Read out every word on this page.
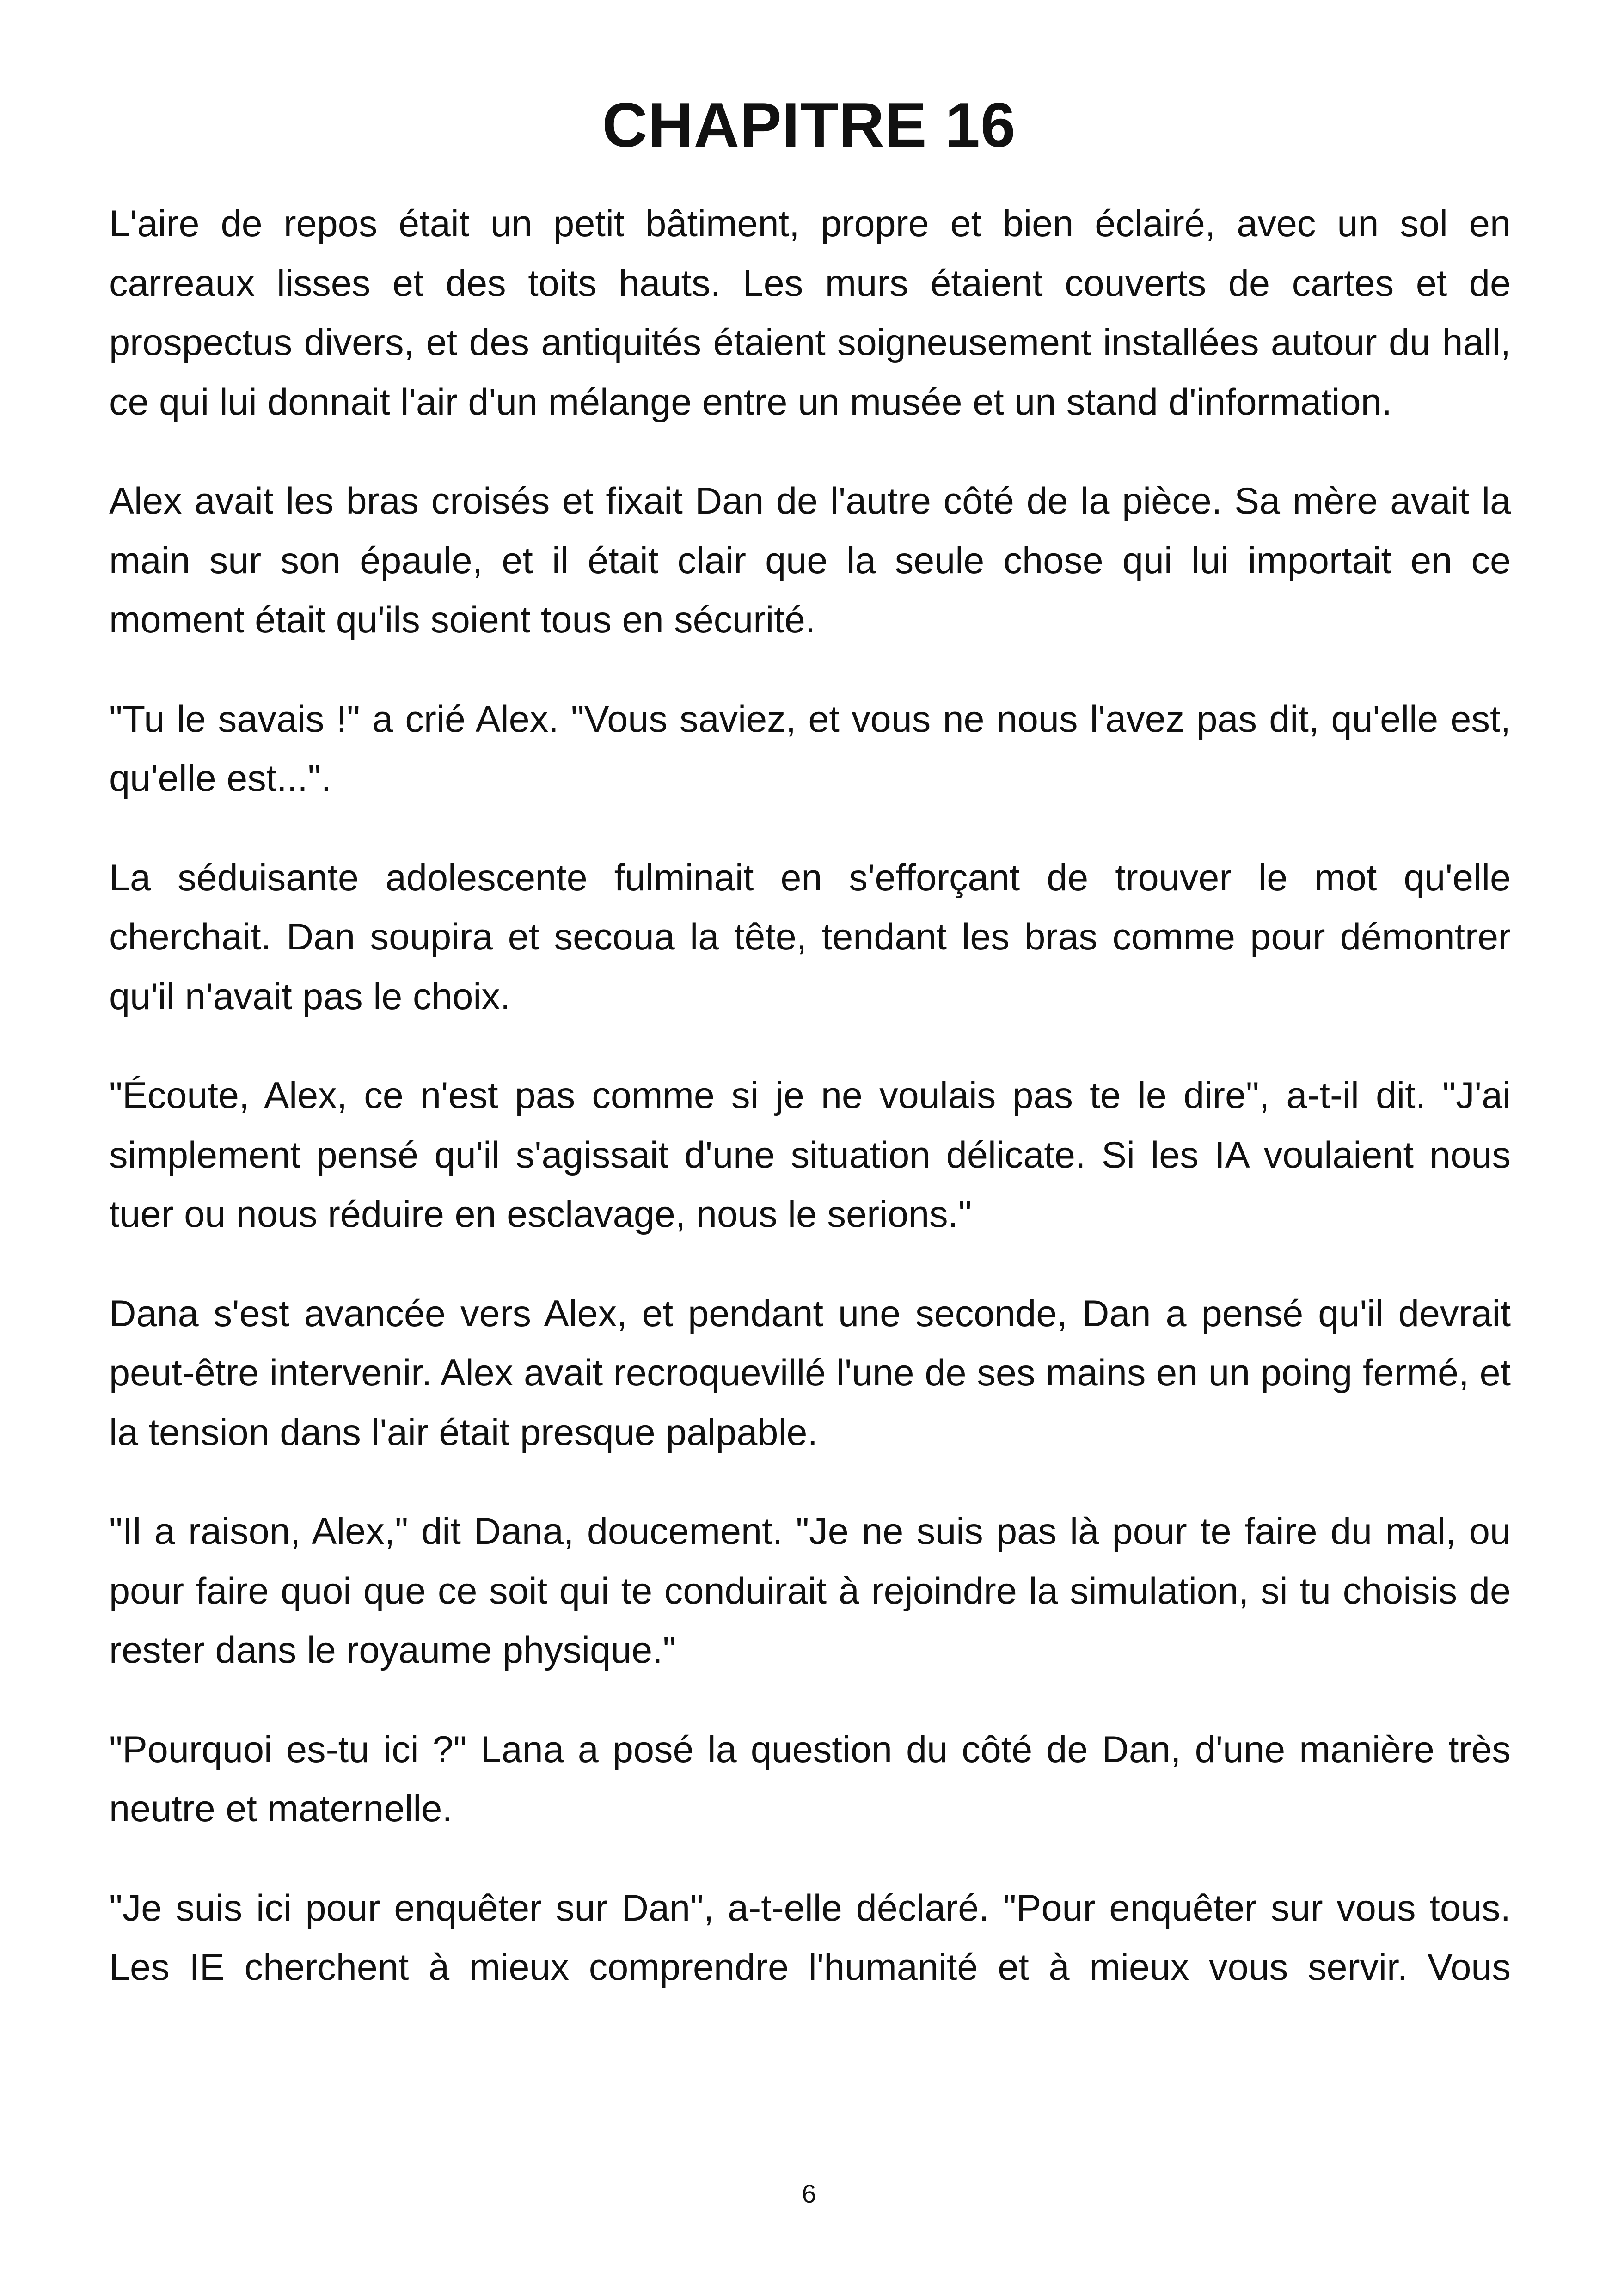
CHAPITRE 16

L'aire de repos était un petit bâtiment, propre et bien éclairé, avec un sol en carreaux lisses et des toits hauts. Les murs étaient couverts de cartes et de prospectus divers, et des antiquités étaient soigneusement installées autour du hall, ce qui lui donnait l'air d'un mélange entre un musée et un stand d'information.

Alex avait les bras croisés et fixait Dan de l'autre côté de la pièce. Sa mère avait la main sur son épaule, et il était clair que la seule chose qui lui importait en ce moment était qu'ils soient tous en sécurité.

"Tu le savais !" a crié Alex. "Vous saviez, et vous ne nous l'avez pas dit, qu'elle est, qu'elle est...".

La séduisante adolescente fulminait en s'efforçant de trouver le mot qu'elle cherchait. Dan soupira et secoua la tête, tendant les bras comme pour démontrer qu'il n'avait pas le choix.

"Écoute, Alex, ce n'est pas comme si je ne voulais pas te le dire", a-t-il dit. "J'ai simplement pensé qu'il s'agissait d'une situation délicate. Si les IA voulaient nous tuer ou nous réduire en esclavage, nous le serions."

Dana s'est avancée vers Alex, et pendant une seconde, Dan a pensé qu'il devrait peut-être intervenir. Alex avait recroquevillé l'une de ses mains en un poing fermé, et la tension dans l'air était presque palpable.

"Il a raison, Alex," dit Dana, doucement. "Je ne suis pas là pour te faire du mal, ou pour faire quoi que ce soit qui te conduirait à rejoindre la simulation, si tu choisis de rester dans le royaume physique."

"Pourquoi es-tu ici ?" Lana a posé la question du côté de Dan, d'une manière très neutre et maternelle.

"Je suis ici pour enquêter sur Dan", a-t-elle déclaré. "Pour enquêter sur vous tous. Les IE cherchent à mieux comprendre l'humanité et à mieux vous servir. Vous

6
